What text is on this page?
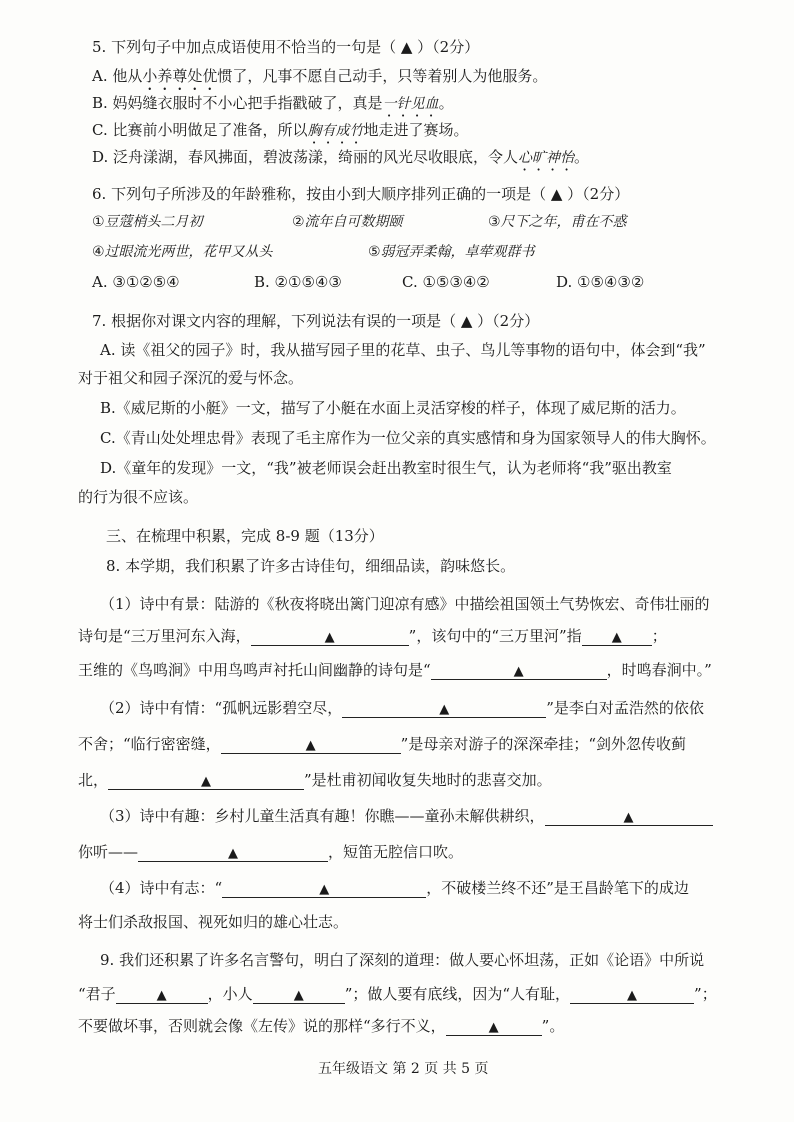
5. 下列句子中加点成语使用不恰当的一句是（ ▲ ）（2分）
A. 他从小养尊处优惯了，凡事不愿自己动手，只等着别人为他服务。
B. 妈妈缝衣服时不小心把手指戳破了，真是一针见血。
C. 比赛前小明做足了准备，所以胸有成竹地走进了赛场。
D. 泛舟漾湖，春风拂面，碧波荡漾，绮丽的风光尽收眼底，令人心旷神怡。
6. 下列句子所涉及的年龄雅称，按由小到大顺序排列正确的一项是（ ▲ ）（2分）
①豆蔻梢头二月初	②流年自可数期颐	③尺下之年，甫在不惑
④过眼流光两世，花甲又从头	⑤弱冠弄柔翰，卓荦观群书
A. ③①②⑤④	B. ②①⑤④③	C. ①⑤③④②	D. ①⑤④③②
7. 根据你对课文内容的理解，下列说法有误的一项是（ ▲ ）（2分）
A. 读《祖父的园子》时，我从描写园子里的花草、虫子、鸟儿等事物的语句中，体会到“我”
对于祖父和园子深沉的爱与怀念。
B.《威尼斯的小艇》一文，描写了小艇在水面上灵活穿梭的样子，体现了威尼斯的活力。
C.《青山处处埋忠骨》表现了毛主席作为一位父亲的真实感情和身为国家领导人的伟大胸怀。
D.《童年的发现》一文，“我”被老师误会赶出教室时很生气，认为老师将“我”驱出教室
的行为很不应该。
三、在梳理中积累，完成 8-9 题（13分）
8. 本学期，我们积累了许多古诗佳句，细细品读，韵味悠长。
（1）诗中有景：陆游的《秋夜将晓出篱门迎凉有感》中描绘祖国领土气势恢宏、奇伟壮丽的
诗句是“三万里河东入海，	▲	”，该句中的“三万里河”指 ▲ ；
王维的《鸟鸣涧》中用鸟鸣声衬托山间幽静的诗句是“	▲	，时鸣春涧中。”
（2）诗中有情：“孤帆远影碧空尽，	▲	”是李白对孟浩然的依依
不舍；“临行密密缝，	▲	”是母亲对游子的深深牵挂；“剑外忽传收蓟
北，	▲	”是杜甫初闻收复失地时的悲喜交加。
（3）诗中有趣：乡村儿童生活真有趣！你瞧——童孙未解供耕织，	▲
你听——	▲	，短笛无腔信口吹。
（4）诗中有志：“	▲	，不破楼兰终不还”是王昌龄笔下的成边
将士们杀敌报国、视死如归的雄心壮志。
9. 我们还积累了许多名言警句，明白了深刻的道理：做人要心怀坦荡，正如《论语》中所说
“君子	▲	，小人	▲	”；做人要有底线，因为“人有耻，	▲	”；
不要做坏事，否则就会像《左传》说的那样“多行不义，	▲	”。
五年级语文 第 2 页 共 5 页
